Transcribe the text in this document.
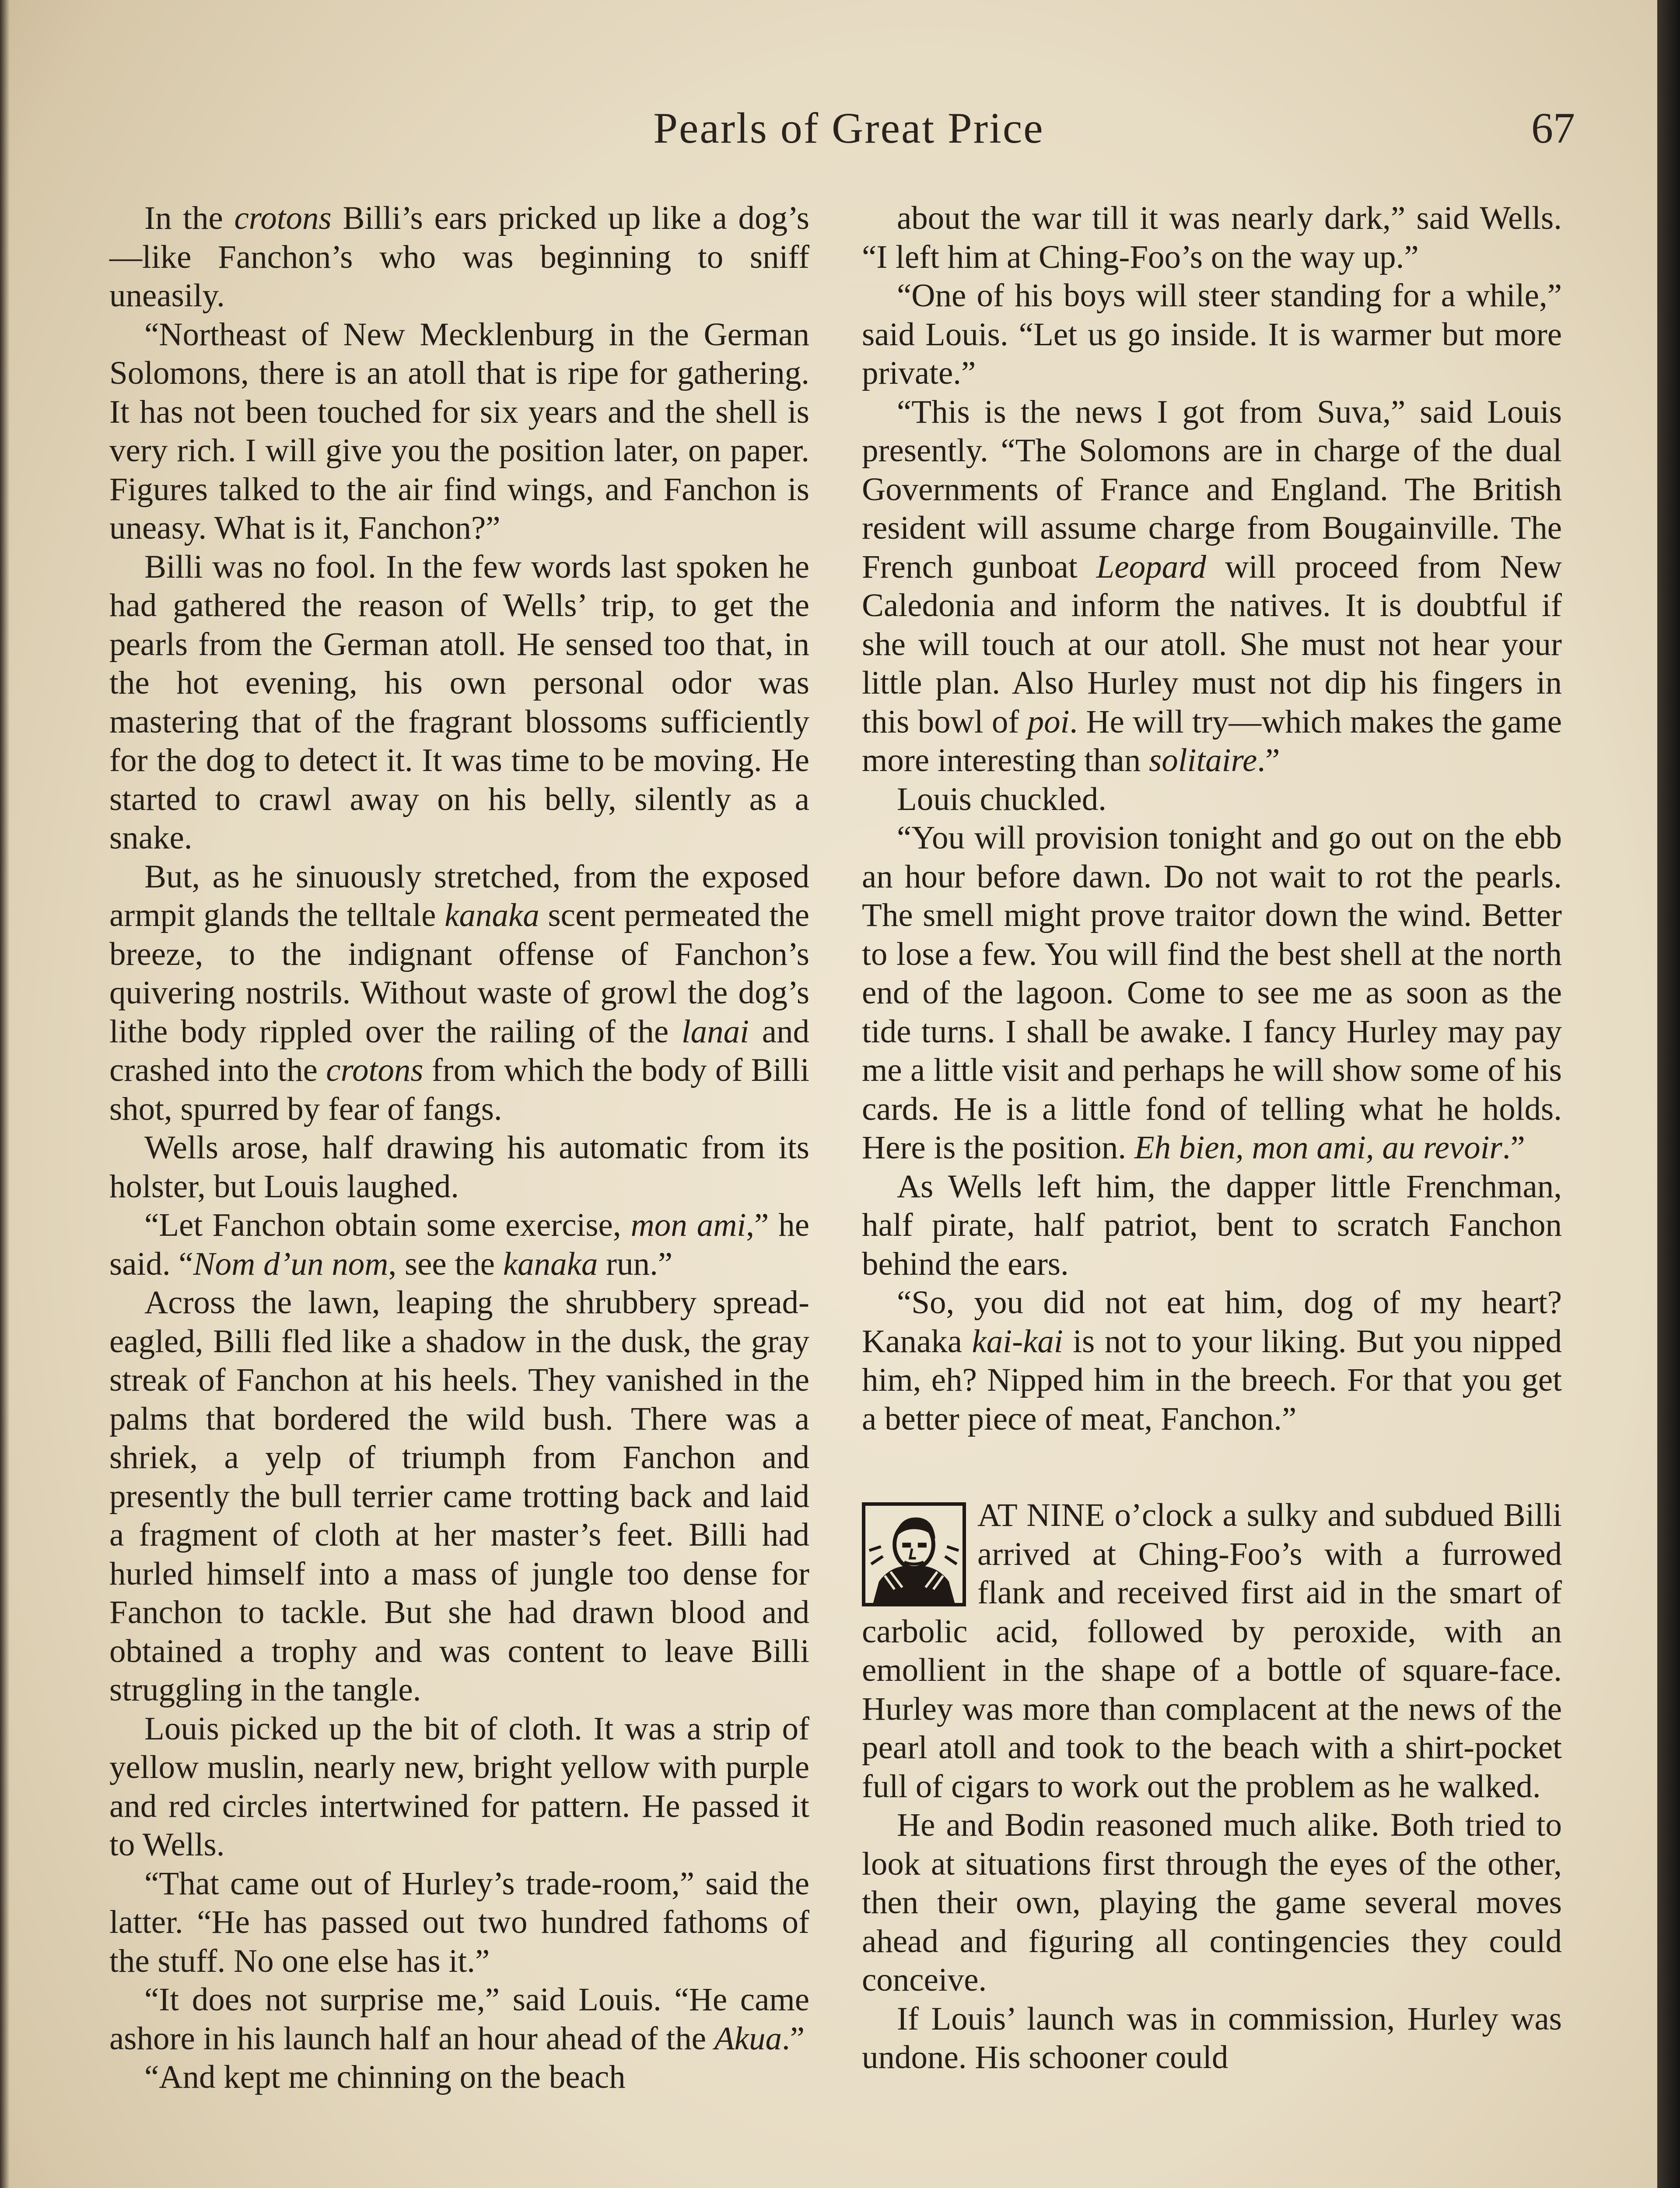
Pearls of Great Price	67

In the crotons Billi’s ears pricked up like a dog’s—like Fanchon’s who was beginning to sniff uneasily.

“Northeast of New Mecklenburg in the German Solomons, there is an atoll that is ripe for gathering. It has not been touched for six years and the shell is very rich. I will give you the position later, on paper. Figures talked to the air find wings, and Fanchon is uneasy. What is it, Fanchon?”

Billi was no fool. In the few words last spoken he had gathered the reason of Wells’ trip, to get the pearls from the German atoll. He sensed too that, in the hot evening, his own personal odor was mastering that of the fragrant blossoms sufficiently for the dog to detect it. It was time to be moving. He started to crawl away on his belly, silently as a snake.

But, as he sinuously stretched, from the exposed armpit glands the telltale kanaka scent permeated the breeze, to the indignant offense of Fanchon’s quivering nostrils. Without waste of growl the dog’s lithe body rippled over the railing of the lanai and crashed into the crotons from which the body of Billi shot, spurred by fear of fangs.

Wells arose, half drawing his automatic from its holster, but Louis laughed.

“Let Fanchon obtain some exercise, mon ami,” he said. “Nom d’un nom, see the kanaka run.”

Across the lawn, leaping the shrubbery spread-eagled, Billi fled like a shadow in the dusk, the gray streak of Fanchon at his heels. They vanished in the palms that bordered the wild bush. There was a shriek, a yelp of triumph from Fanchon and presently the bull terrier came trotting back and laid a fragment of cloth at her master’s feet. Billi had hurled himself into a mass of jungle too dense for Fanchon to tackle. But she had drawn blood and obtained a trophy and was content to leave Billi struggling in the tangle.

Louis picked up the bit of cloth. It was a strip of yellow muslin, nearly new, bright yellow with purple and red circles intertwined for pattern. He passed it to Wells.

“That came out of Hurley’s trade-room,” said the latter. “He has passed out two hundred fathoms of the stuff. No one else has it.”

“It does not surprise me,” said Louis. “He came ashore in his launch half an hour ahead of the Akua.”

“And kept me chinning on the beach

about the war till it was nearly dark,” said Wells. “I left him at Ching-Foo’s on the way up.”

“One of his boys will steer standing for a while,” said Louis. “Let us go inside. It is warmer but more private.”

“This is the news I got from Suva,” said Louis presently. “The Solomons are in charge of the dual Governments of France and England. The British resident will assume charge from Bougainville. The French gunboat Leopard will proceed from New Caledonia and inform the natives. It is doubtful if she will touch at our atoll. She must not hear your little plan. Also Hurley must not dip his fingers in this bowl of poi. He will try—which makes the game more interesting than solitaire.”

Louis chuckled.

“You will provision tonight and go out on the ebb an hour before dawn. Do not wait to rot the pearls. The smell might prove traitor down the wind. Better to lose a few. You will find the best shell at the north end of the lagoon. Come to see me as soon as the tide turns. I shall be awake. I fancy Hurley may pay me a little visit and perhaps he will show some of his cards. He is a little fond of telling what he holds. Here is the position. Eh bien, mon ami, au revoir.”

As Wells left him, the dapper little Frenchman, half pirate, half patriot, bent to scratch Fanchon behind the ears.

“So, you did not eat him, dog of my heart? Kanaka kai-kai is not to your liking. But you nipped him, eh? Nipped him in the breech. For that you get a better piece of meat, Fanchon.”

AT NINE o’clock a sulky and subdued Billi arrived at Ching-Foo’s with a furrowed flank and received first aid in the smart of carbolic acid, followed by peroxide, with an emollient in the shape of a bottle of square-face. Hurley was more than complacent at the news of the pearl atoll and took to the beach with a shirt-pocket full of cigars to work out the problem as he walked.

He and Bodin reasoned much alike. Both tried to look at situations first through the eyes of the other, then their own, playing the game several moves ahead and figuring all contingencies they could conceive.

If Louis’ launch was in commission, Hurley was undone. His schooner could
